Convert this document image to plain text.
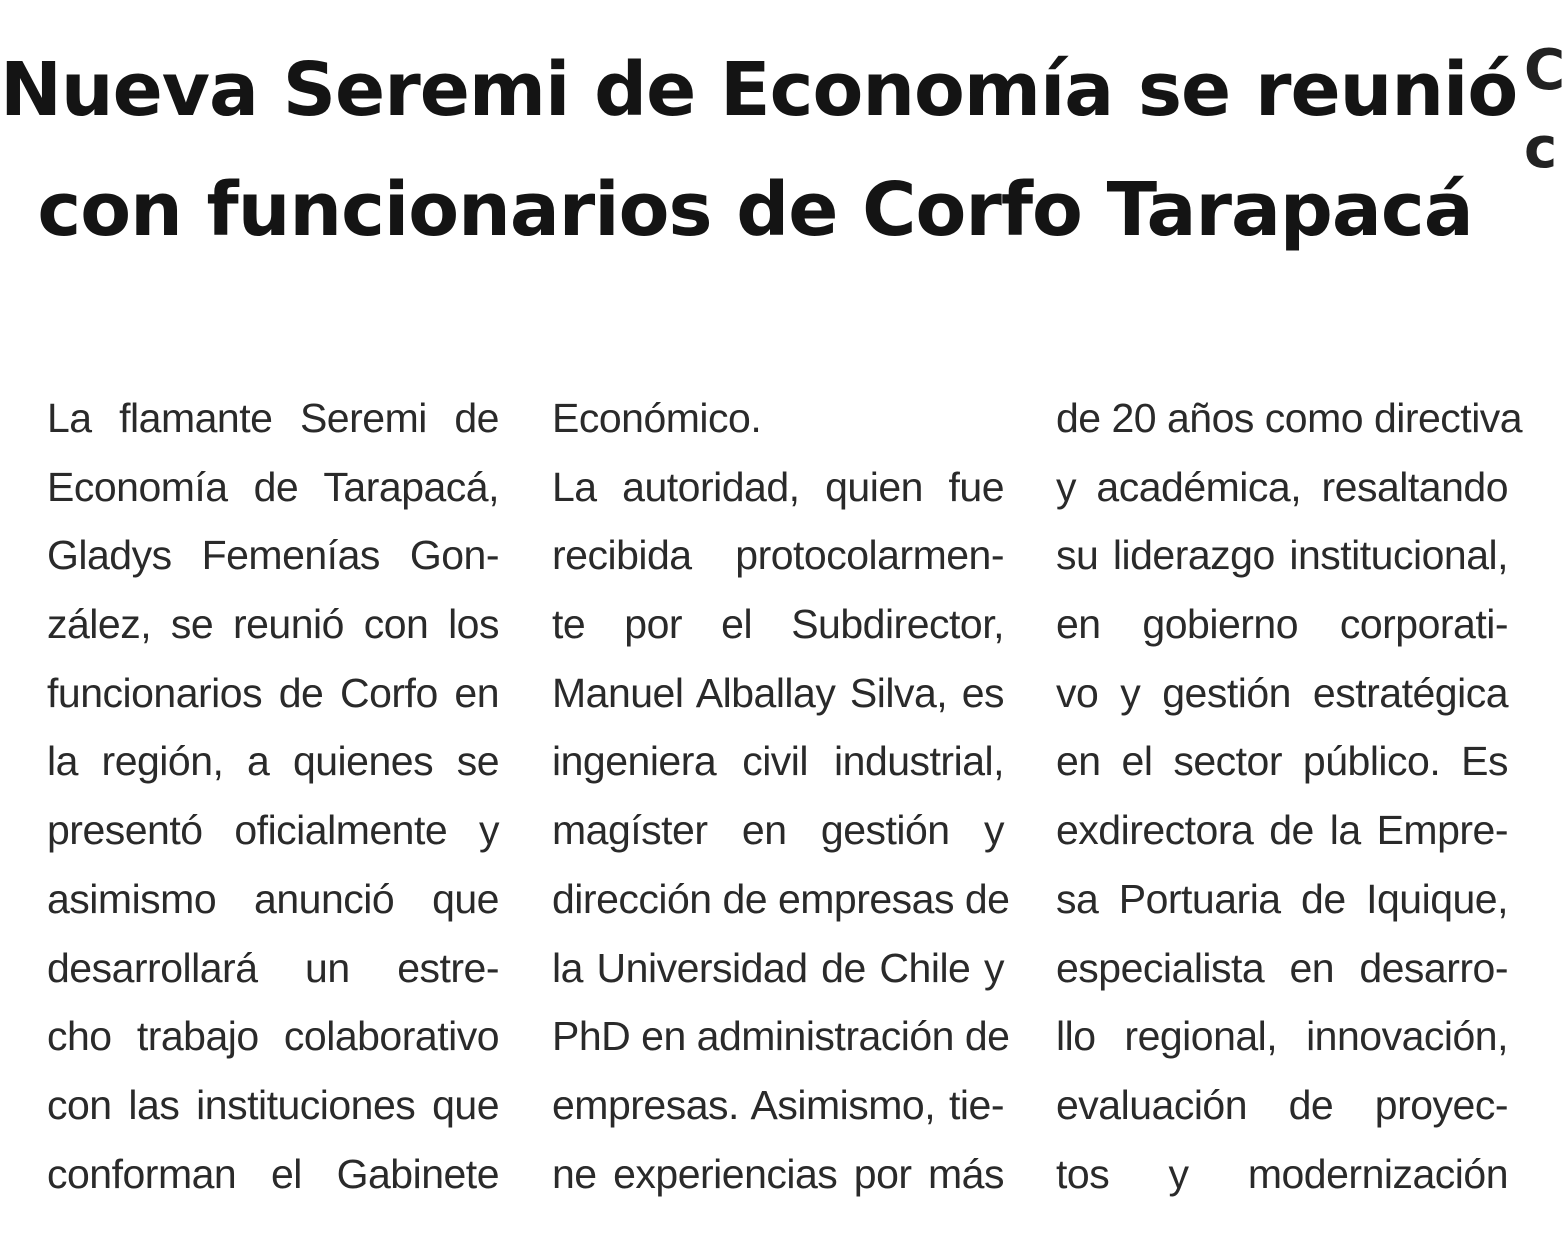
Nueva Seremi de Economía se reunió
con funcionarios de Corfo Tarapacá
C
c
La flamante Seremi de
Economía de Tarapacá,
Gladys Femenías Gon-
zález, se reunió con los
funcionarios de Corfo en
la región, a quienes se
presentó oficialmente y
asimismo anunció que
desarrollará un estre-
cho trabajo colaborativo
con las instituciones que
conforman el Gabinete
Económico.
La autoridad, quien fue
recibida protocolarmen-
te por el Subdirector,
Manuel Alballay Silva, es
ingeniera civil industrial,
magíster en gestión y
dirección de empresas de
la Universidad de Chile y
PhD en administración de
empresas. Asimismo, tie-
ne experiencias por más
de 20 años como directiva
y académica, resaltando
su liderazgo institucional,
en gobierno corporati-
vo y gestión estratégica
en el sector público. Es
exdirectora de la Empre-
sa Portuaria de Iquique,
especialista en desarro-
llo regional, innovación,
evaluación de proyec-
tos y modernización
